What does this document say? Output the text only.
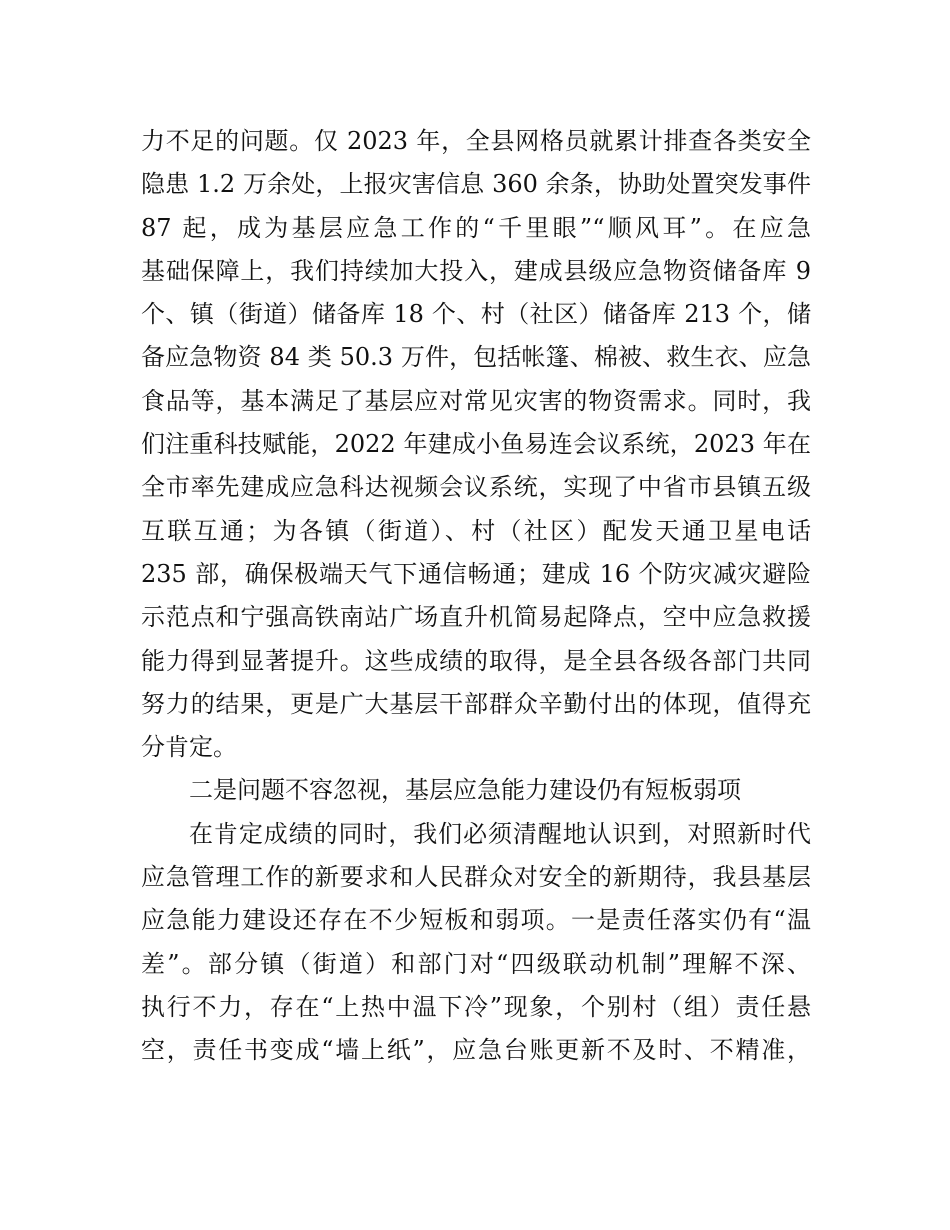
力不足的问题。仅 2023 年，全县网格员就累计排查各类安全
隐患 1.2 万余处，上报灾害信息 360 余条，协助处置突发事件
87 起，成为基层应急工作的“千里眼”“顺风耳”。在应急
基础保障上，我们持续加大投入，建成县级应急物资储备库 9
个、镇（街道）储备库 18 个、村（社区）储备库 213 个，储
备应急物资 84 类 50.3 万件，包括帐篷、棉被、救生衣、应急
食品等，基本满足了基层应对常见灾害的物资需求。同时，我
们注重科技赋能，2022 年建成小鱼易连会议系统，2023 年在
全市率先建成应急科达视频会议系统，实现了中省市县镇五级
互联互通；为各镇（街道）、村（社区）配发天通卫星电话
235 部，确保极端天气下通信畅通；建成 16 个防灾减灾避险
示范点和宁强高铁南站广场直升机简易起降点，空中应急救援
能力得到显著提升。这些成绩的取得，是全县各级各部门共同
努力的结果，更是广大基层干部群众辛勤付出的体现，值得充
分肯定。
二是问题不容忽视，基层应急能力建设仍有短板弱项
在肯定成绩的同时，我们必须清醒地认识到，对照新时代
应急管理工作的新要求和人民群众对安全的新期待，我县基层
应急能力建设还存在不少短板和弱项。一是责任落实仍有“温
差”。部分镇（街道）和部门对“四级联动机制”理解不深、
执行不力，存在“上热中温下冷”现象，个别村（组）责任悬
空，责任书变成“墙上纸”，应急台账更新不及时、不精准，
